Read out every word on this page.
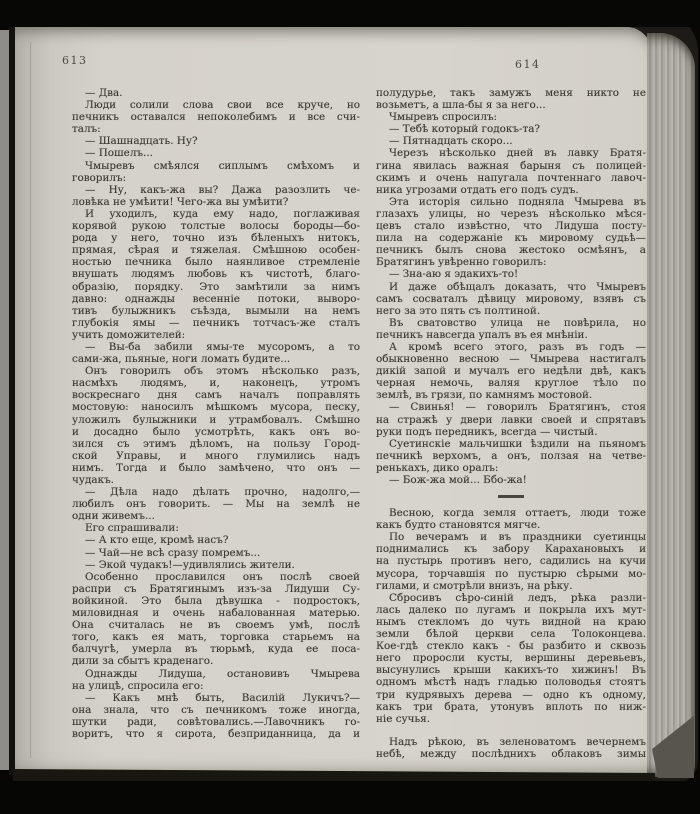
613	614
— Два.
Люди солили слова свои все круче, но
печникъ оставался непоколебимъ и все счи-
талъ:
— Шашнадцать. Ну?
— Пошелъ...
Чмыревъ смѣялся сиплымъ смѣхомъ и
говорилъ:
— Ну, какъ-жа вы? Дажа разозлить че-
ловѣка не умѣити! Чего-жа вы умѣити?
И уходилъ, куда ему надо, поглаживая
корявой рукою толстые волосы бороды—бо-
рода у него, точно изъ бѣленыхъ нитокъ,
прямая, сѣрая и тяжелая. Смѣшною особен-
ностью печника было наянливое стремленіе
внушать людямъ любовь къ чистотѣ, благо-
образію, порядку. Это замѣтили за нимъ
давно: однажды весенніе потоки, выворо-
тивъ булыжникъ съѣзда, вымыли на немъ
глубокія ямы — печникъ тотчасъ-же сталъ
учить доможителей:
— Вы-ба забили ямы-те мусоромъ, а то
сами-жа, пьяные, ноги ломать будите...
Онъ говорилъ объ этомъ нѣсколько разъ,
насмѣхъ людямъ, и, наконецъ, утромъ
воскреснаго дня самъ началъ поправлять
мостовую: наносилъ мѣшкомъ мусора, песку,
уложилъ булыжники и утрамбовалъ. Смѣшно
и досадно было усмотрѣть, какъ онъ во-
зился съ этимъ дѣломъ, на пользу Город-
ской Управы, и много глумились надъ
нимъ. Тогда и было замѣчено, что онъ —
чудакъ.
— Дѣла надо дѣлать прочно, надолго,—
любилъ онъ говорить. — Мы на землѣ не
одни живемъ...
Его спрашивали:
— А кто еще, кромѣ насъ?
— Чай—не всѣ сразу помремъ...
— Экой чудакъ!—удивлялись жители.
Особенно прославился онъ послѣ своей
распри съ Братягинымъ изъ-за Лидуши Су-
войкиной. Это была дѣвушка - подростокъ,
миловидная и очень набалованная матерью.
Она считалась не въ своемъ умѣ, послѣ
того, какъ ея мать, торговка старьемъ на
балчугѣ, умерла въ тюрьмѣ, куда ее поса-
дили за сбытъ краденаго.
Однажды Лидуша, остановивъ Чмырева
на улицѣ, спросила его:
— Какъ мнѣ быть, Василій Лукичъ?—
она знала, что съ печникомъ тоже иногда,
шутки ради, совѣтовались.—Лавочникъ го-
воритъ, что я сирота, безприданница, да и
полудурье, такъ замужъ меня никто не
возьметъ, а шла-бы я за него...
Чмыревъ спросилъ:
— Тебѣ который годокъ-та?
— Пятнадцать скоро...
Черезъ нѣсколько дней въ лавку Братя-
гина явилась важная барыня съ полицей-
скимъ и очень напугала почтеннаго лавоч-
ника угрозами отдать его подъ судъ.
Эта исторія сильно подняла Чмырева въ
глазахъ улицы, но черезъ нѣсколько мѣся-
цевъ стало извѣстно, что Лидуша посту-
пила на содержаніе къ мировому судьѣ—
печникъ былъ снова жестоко осмѣянъ, а
Братягинъ увѣренно говорилъ:
— Зна-аю я эдакихъ-то!
И даже обѣщалъ доказать, что Чмыревъ
самъ сосваталъ дѣвицу мировому, взявъ съ
него за это пять съ полтиной.
Въ сватовство улица не повѣрила, но
печникъ навсегда упалъ въ ея мнѣніи.
А кромѣ всего этого, разъ въ годъ —
обыкновенно весною — Чмырева настигалъ
дикій запой и мучалъ его недѣли двѣ, какъ
черная немочь, валяя круглое тѣло по
землѣ, въ грязи, по камнямъ мостовой.
— Свинья! — говорилъ Братягинъ, стоя
на стражѣ у двери лавки своей и спрятавъ
руки подъ передникъ, всегда — чистый.
Суетинскіе мальчишки ѣздили на пьяномъ
печникѣ верхомъ, а онъ, ползая на четве-
ренькахъ, дико оралъ:
— Бож-жа мой... Ббо-жа!
Весною, когда земля оттаетъ, люди тоже
какъ будто становятся мягче.
По вечерамъ и въ праздники суетинцы
поднимались къ забору Карахановыхъ и
на пустырь противъ него, садились на кучи
мусора, торчавшія по пустырю сѣрыми мо-
гилами, и смотрѣли внизъ, на рѣку.
Сбросивъ сѣро-синій ледъ, рѣка разли-
лась далеко по лугамъ и покрыла ихъ мут-
нымъ стекломъ до чуть видной на краю
земли бѣлой церкви села Толоконцева.
Кое-гдѣ стекло какъ - бы разбито и сквозь
него проросли кусты, вершины деревьевъ,
высунулись крыши какихъ-то хижинъ! Въ
одномъ мѣстѣ надъ гладью половодья стоятъ
три кудрявыхъ дерева — одно къ одному,
какъ три брата, утонувъ вплоть по ниж-
ніе сучья.
Надъ рѣкою, въ зеленоватомъ вечернемъ
небѣ, между послѣднихъ облаковъ зимы
